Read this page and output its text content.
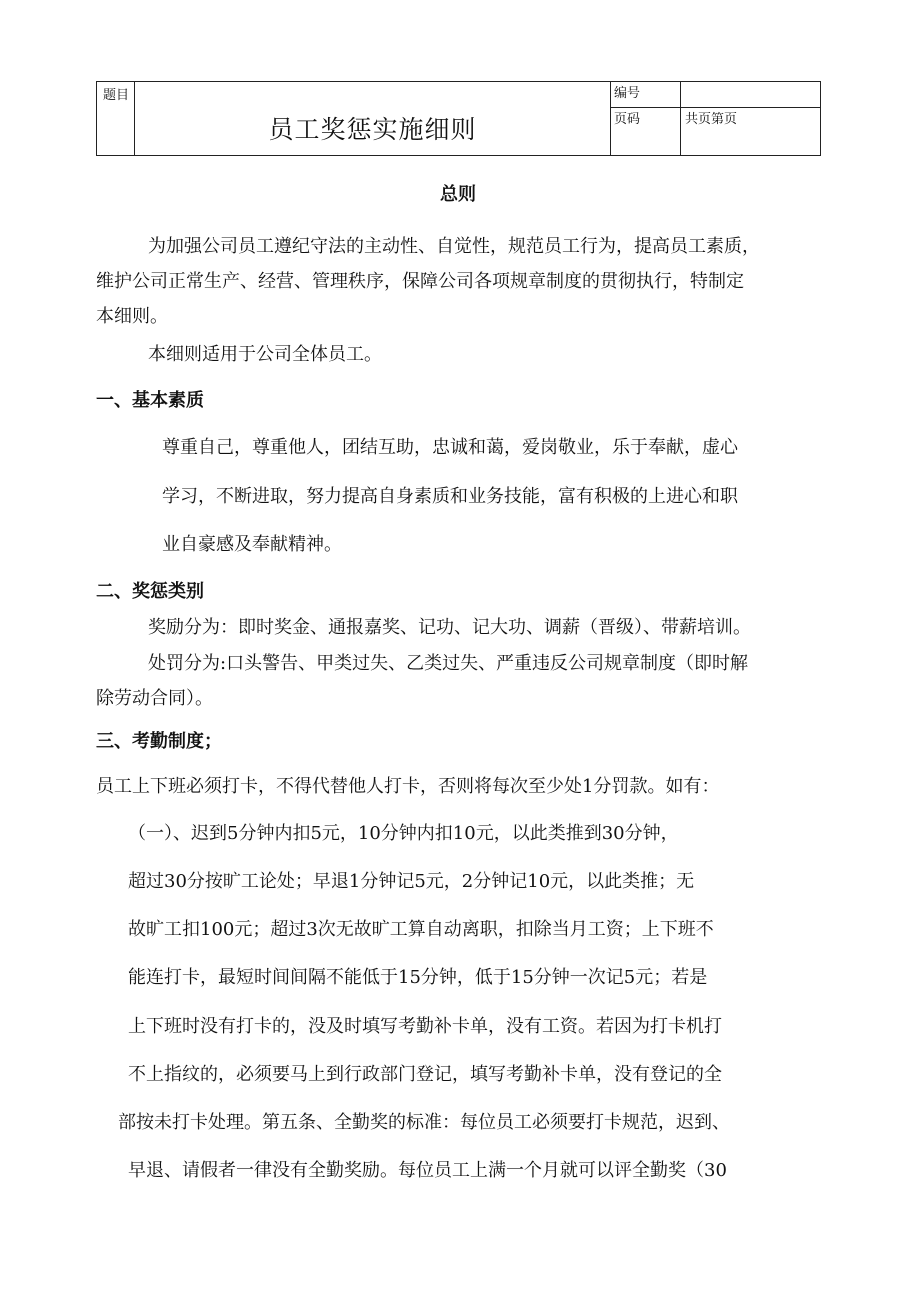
题目	员工奖惩实施细则	编号	
		页码	共页第页
总则
为加强公司员工遵纪守法的主动性、自觉性，规范员工行为，提高员工素质，
维护公司正常生产、经营、管理秩序，保障公司各项规章制度的贯彻执行，特制定
本细则。
本细则适用于公司全体员工。
一、基本素质
尊重自己，尊重他人，团结互助，忠诚和蔼，爱岗敬业，乐于奉献，虚心
学习，不断进取，努力提高自身素质和业务技能，富有积极的上进心和职
业自豪感及奉献精神。
二、奖惩类别
奖励分为：即时奖金、通报嘉奖、记功、记大功、调薪（晋级）、带薪培训。
处罚分为:口头警告、甲类过失、乙类过失、严重违反公司规章制度（即时解
除劳动合同）。
三、考勤制度；
员工上下班必须打卡，不得代替他人打卡，否则将每次至少处1分罚款。如有：
（一）、迟到5分钟内扣5元，10分钟内扣10元，以此类推到30分钟，
超过30分按旷工论处；早退1分钟记5元，2分钟记10元，以此类推；无
故旷工扣100元；超过3次无故旷工算自动离职，扣除当月工资；上下班不
能连打卡，最短时间间隔不能低于15分钟，低于15分钟一次记5元；若是
上下班时没有打卡的，没及时填写考勤补卡单，没有工资。若因为打卡机打
不上指纹的，必须要马上到行政部门登记，填写考勤补卡单，没有登记的全
部按未打卡处理。第五条、全勤奖的标准：每位员工必须要打卡规范，迟到、
早退、请假者一律没有全勤奖励。每位员工上满一个月就可以评全勤奖（30
